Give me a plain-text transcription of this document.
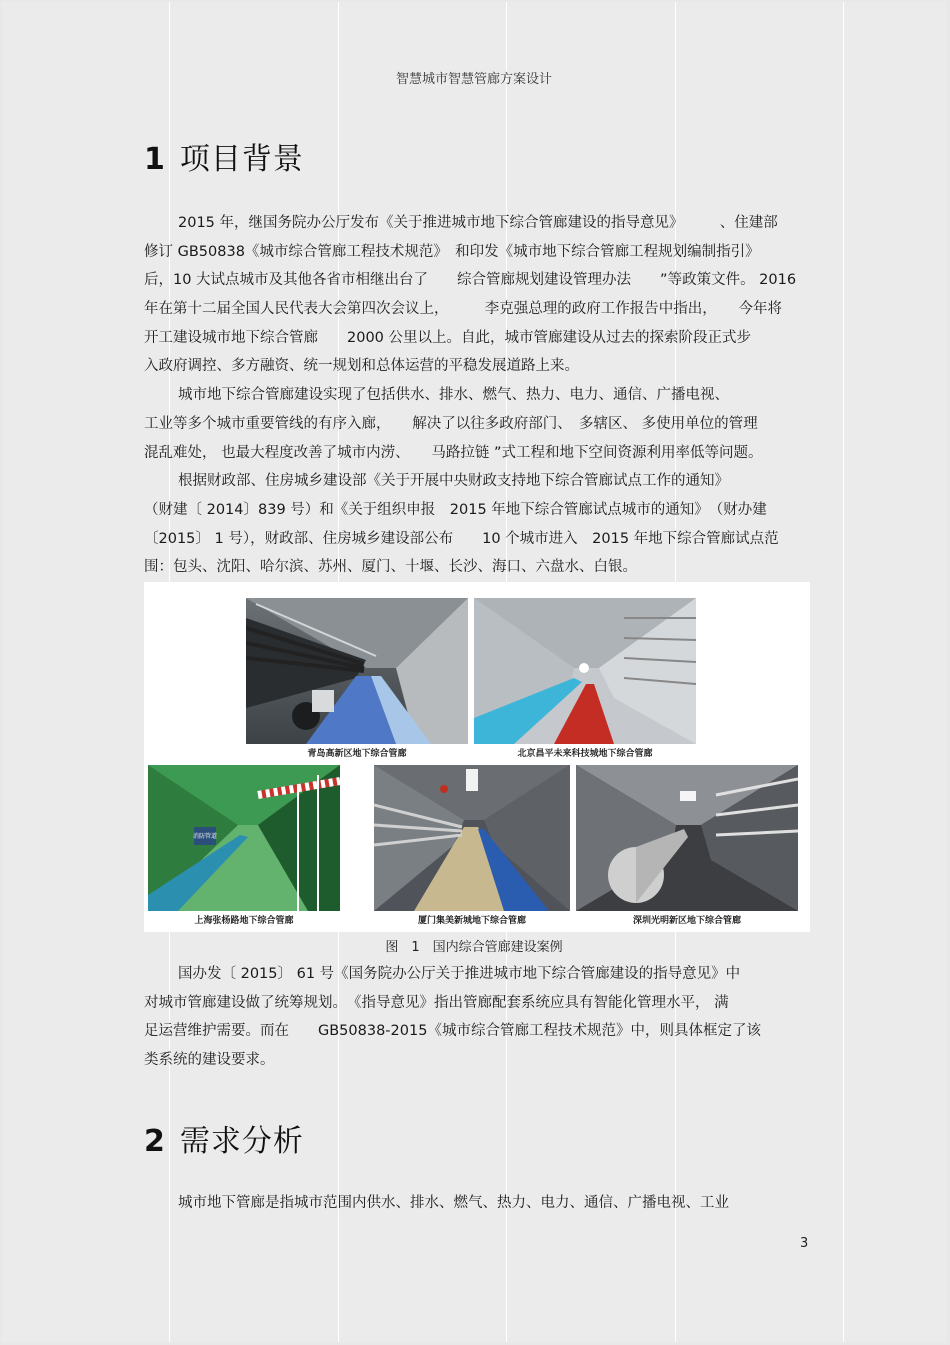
智慧城市智慧管廊方案设计
1 项目背景
2015 年，继国务院办公厅发布《关于推进城市地下综合管廊建设的指导意见》　　　、住建部
修订 GB50838《城市综合管廊工程技术规范》　和印发《城市地下综合管廊工程规划编制指引》
后，10 大试点城市及其他各省市相继出台了　　综合管廊规划建设管理办法　　”等政策文件。 2016
年在第十二届全国人民代表大会第四次会议上，　　　李克强总理的政府工作报告中指出，　　今年将
开工建设城市地下综合管廊　　2000 公里以上。自此，城市管廊建设从过去的探索阶段正式步
入政府调控、多方融资、统一规划和总体运营的平稳发展道路上来。
城市地下综合管廊建设实现了包括供水、排水、燃气、热力、电力、通信、广播电视、
工业等多个城市重要管线的有序入廊，　　解决了以往多政府部门、　多辖区、 多使用单位的管理
混乱难处， 也最大程度改善了城市内涝、　　马路拉链 ”式工程和地下空间资源利用率低等问题。
根据财政部、住房城乡建设部《关于开展中央财政支持地下综合管廊试点工作的通知》
（财建〔 2014〕839 号）和《关于组织申报　2015 年地下综合管廊试点城市的通知》　（财办建
〔2015〕 1 号），财政部、住房城乡建设部公布　　10 个城市进入　2015 年地下综合管廊试点范
围：包头、沈阳、哈尔滨、苏州、厦门、十堰、长沙、海口、六盘水、白银。
青岛高新区地下综合管廊	北京昌平未来科技城地下综合管廊
消防管道
上海张杨路地下综合管廊	厦门集美新城地下综合管廊	深圳光明新区地下综合管廊
图　1　国内综合管廊建设案例
国办发〔 2015〕 61 号《国务院办公厅关于推进城市地下综合管廊建设的指导意见》中
对城市管廊建设做了统筹规划。　《指导意见》指出管廊配套系统应具有智能化管理水平， 满
足运营维护需要。而在　　GB50838-2015《城市综合管廊工程技术规范》中，则具体框定了该
类系统的建设要求。
2 需求分析
城市地下管廊是指城市范围内供水、排水、燃气、热力、电力、通信、广播电视、工业
3
